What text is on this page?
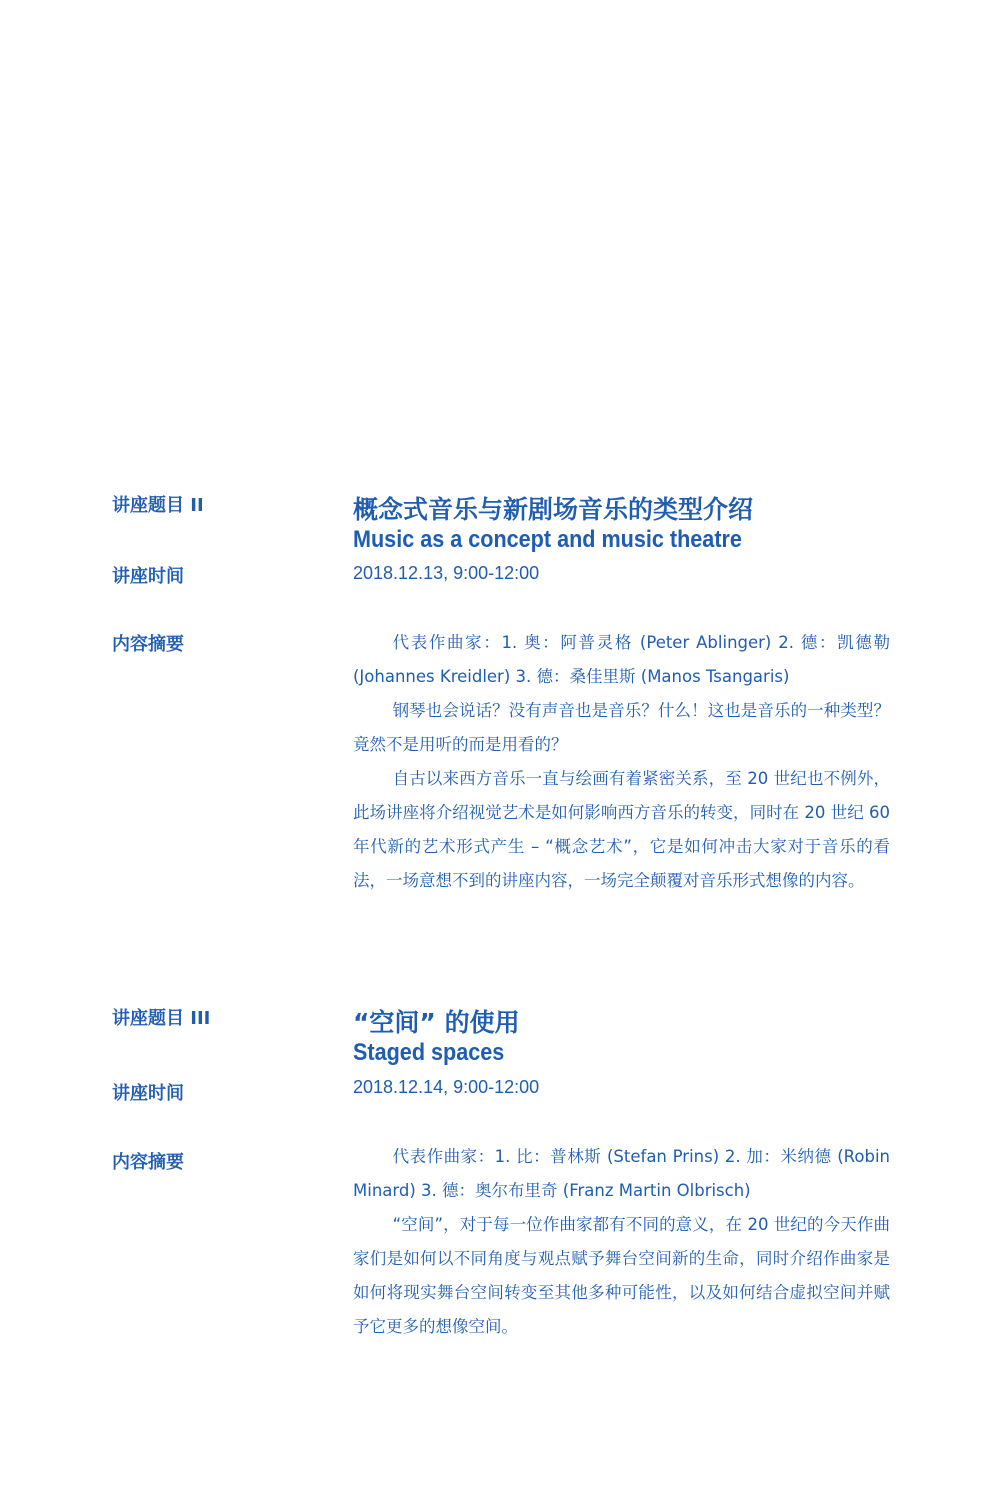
讲座题目 II	概念式音乐与新剧场音乐的类型介绍
Music as a concept and music theatre
讲座时间	2018.12.13, 9:00-12:00
内容摘要	代表作曲家：1. 奥：阿普灵格 (Peter Ablinger) 2. 德：凯德勒 (Johannes Kreidler) 3. 德：桑佳里斯 (Manos Tsangaris)

钢琴也会说话？没有声音也是音乐？什么！这也是音乐的一种类型？竟然不是用听的而是用看的？

自古以来西方音乐一直与绘画有着紧密关系，至 20 世纪也不例外，此场讲座将介绍视觉艺术是如何影响西方音乐的转变，同时在 20 世纪 60 年代新的艺术形式产生 – “概念艺术”，它是如何冲击大家对于音乐的看法，一场意想不到的讲座内容，一场完全颠覆对音乐形式想像的内容。

讲座题目 III	“空间” 的使用
Staged spaces
讲座时间	2018.12.14, 9:00-12:00
内容摘要	代表作曲家：1. 比：普林斯 (Stefan Prins) 2. 加：米纳德 (Robin Minard) 3. 德：奥尔布里奇 (Franz Martin Olbrisch)

“空间”，对于每一位作曲家都有不同的意义，在 20 世纪的今天作曲家们是如何以不同角度与观点赋予舞台空间新的生命，同时介绍作曲家是如何将现实舞台空间转变至其他多种可能性，以及如何结合虚拟空间并赋予它更多的想像空间。
